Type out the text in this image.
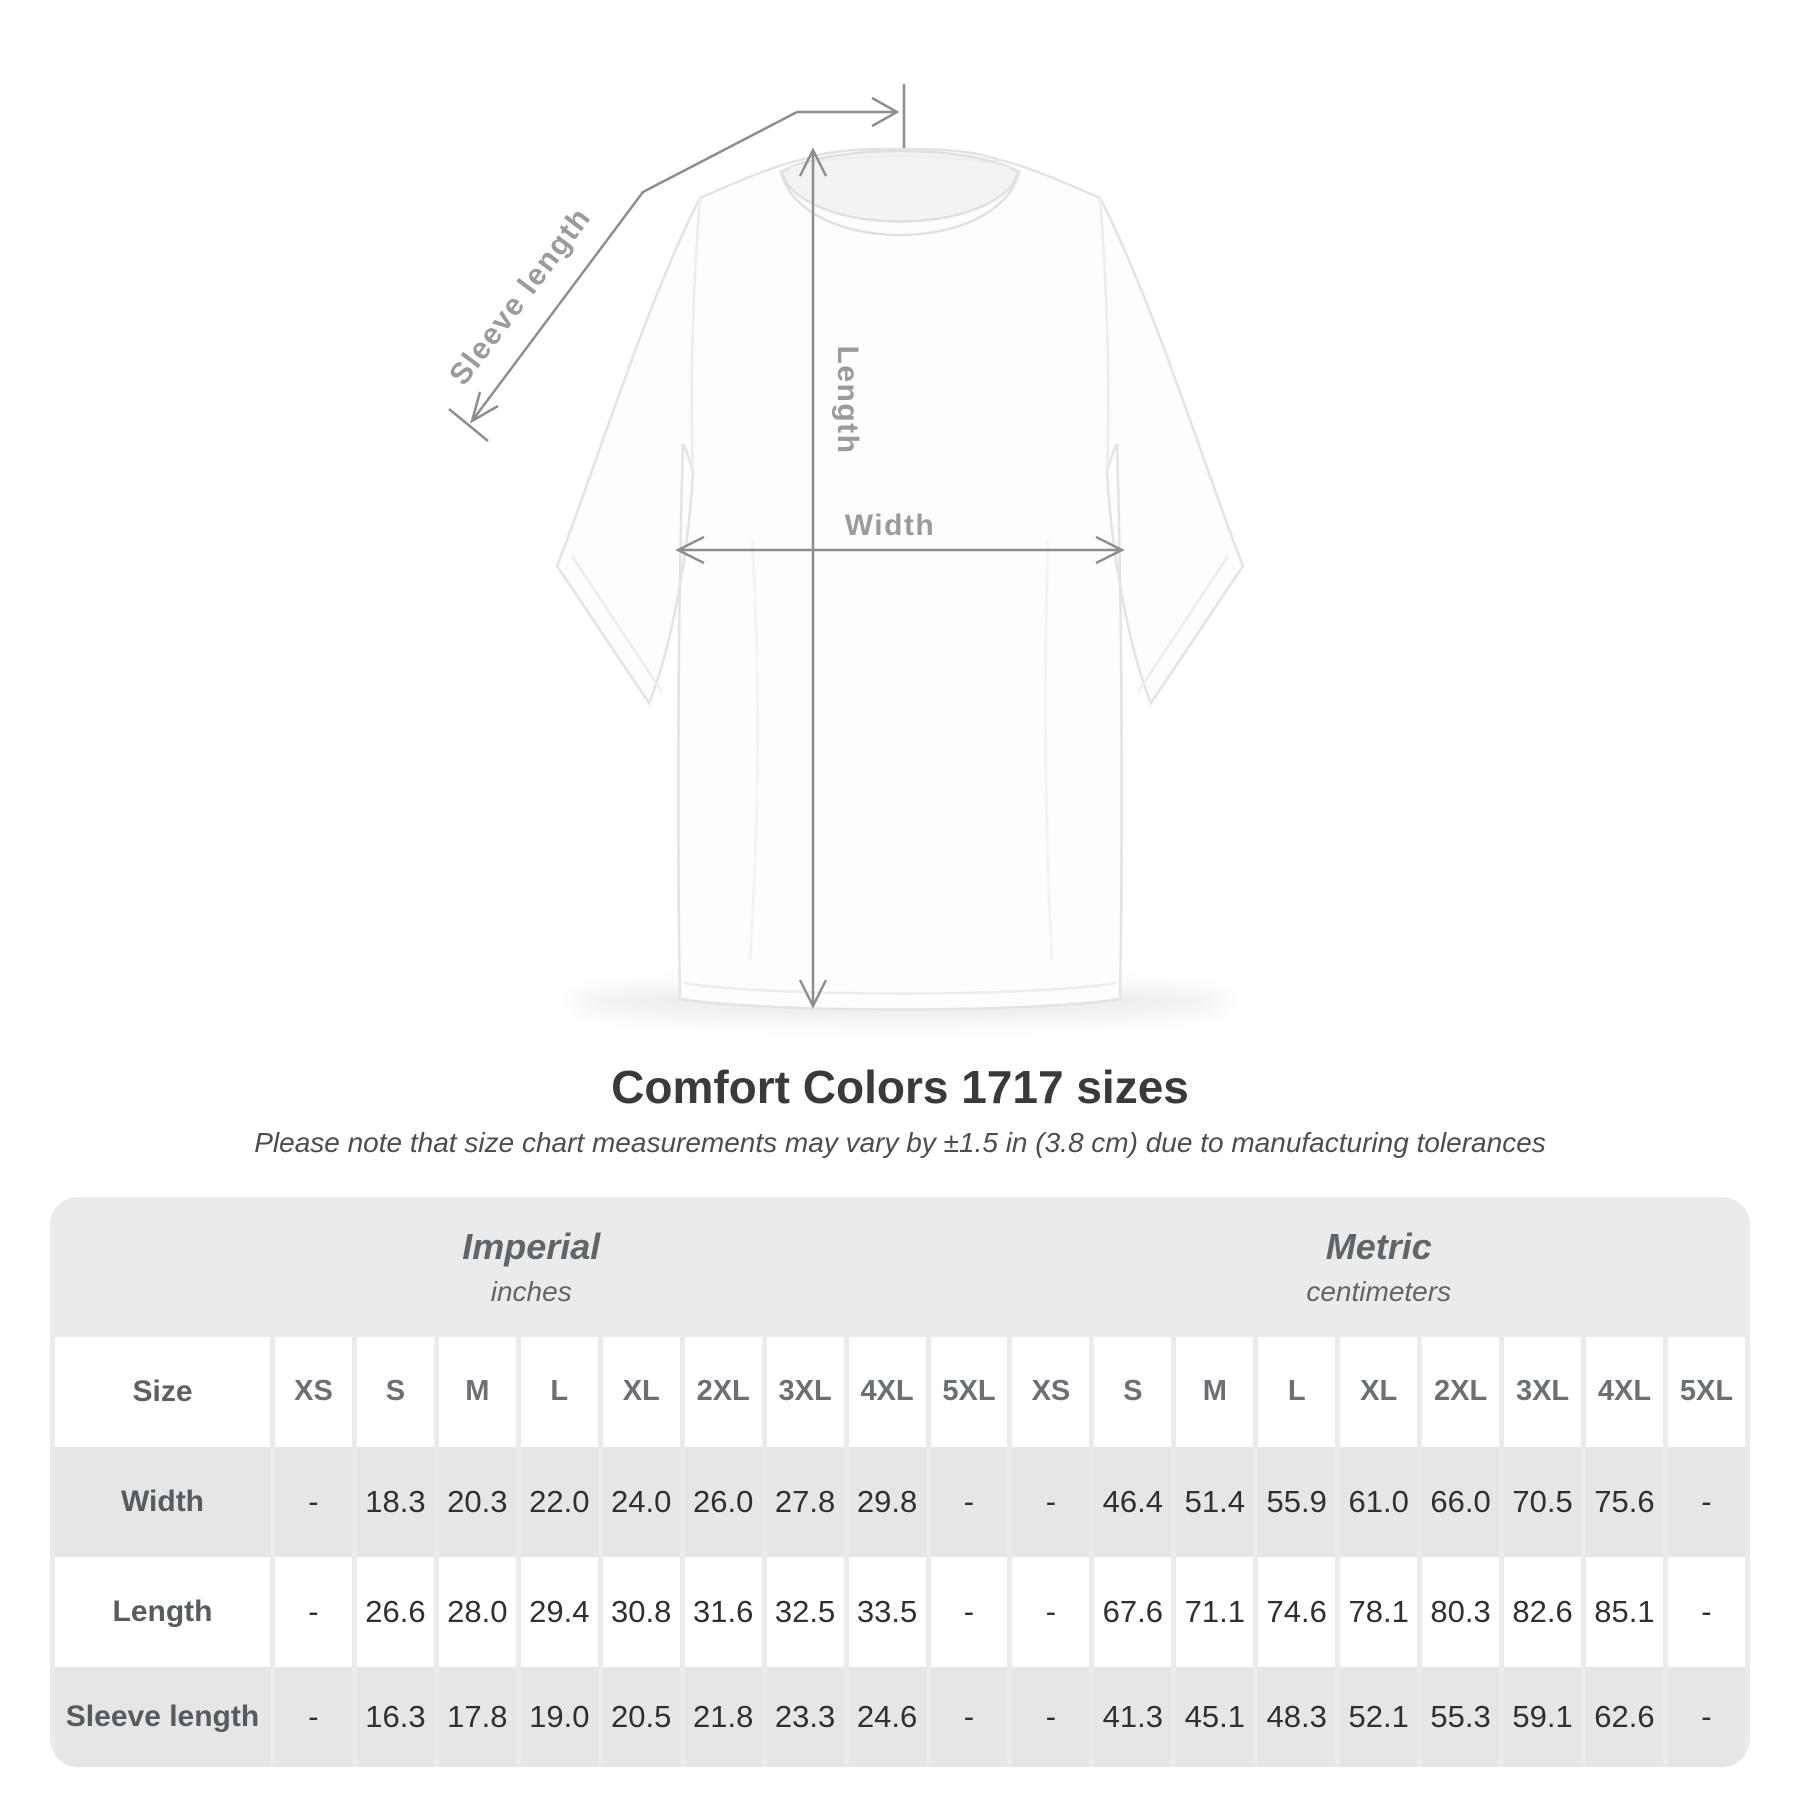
Sleeve length
Length
Width
Comfort Colors 1717 sizes

Please note that size chart measurements may vary by ±1.5 in (3.8 cm) due to manufacturing tolerances

Imperial
inches

Metric
centimeters

Size	XS	S	M	L	XL	2XL	3XL	4XL	5XL	XS	S	M	L	XL	2XL	3XL	4XL	5XL
Width	-	18.3	20.3	22.0	24.0	26.0	27.8	29.8	-	-	46.4	51.4	55.9	61.0	66.0	70.5	75.6	-
Length	-	26.6	28.0	29.4	30.8	31.6	32.5	33.5	-	-	67.6	71.1	74.6	78.1	80.3	82.6	85.1	-
Sleeve length	-	16.3	17.8	19.0	20.5	21.8	23.3	24.6	-	-	41.3	45.1	48.3	52.1	55.3	59.1	62.6	-
